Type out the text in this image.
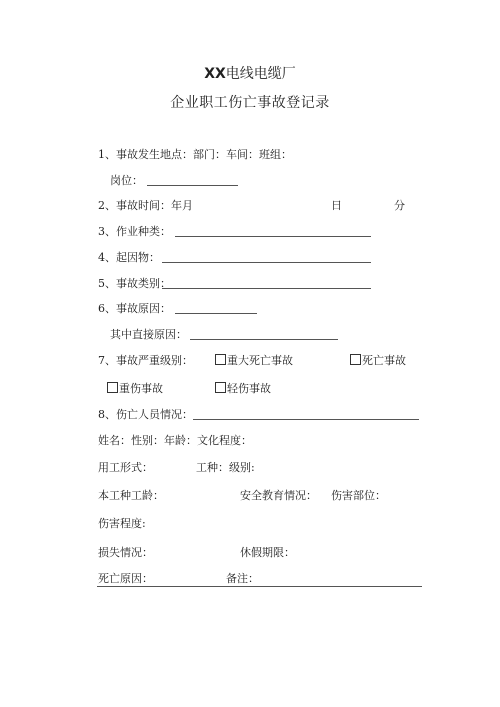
XX电线电缆厂
企业职工伤亡事故登记录
1、事故发生地点：部门：车间：班组：
岗位：
2、事故时间：年月	日	分
3、作业种类：
4、起因物：
5、事故类别：
6、事故原因：
其中直接原因：
7、事故严重级别：	重大死亡事故	死亡事故
重伤事故	轻伤事故
8、伤亡人员情况：
姓名：性别：年龄：文化程度：
用工形式：	工种：级别:
本工种工龄：	安全教育情况： 伤害部位：
伤害程度:
损失情况：	休假期限：
死亡原因：	备注：
